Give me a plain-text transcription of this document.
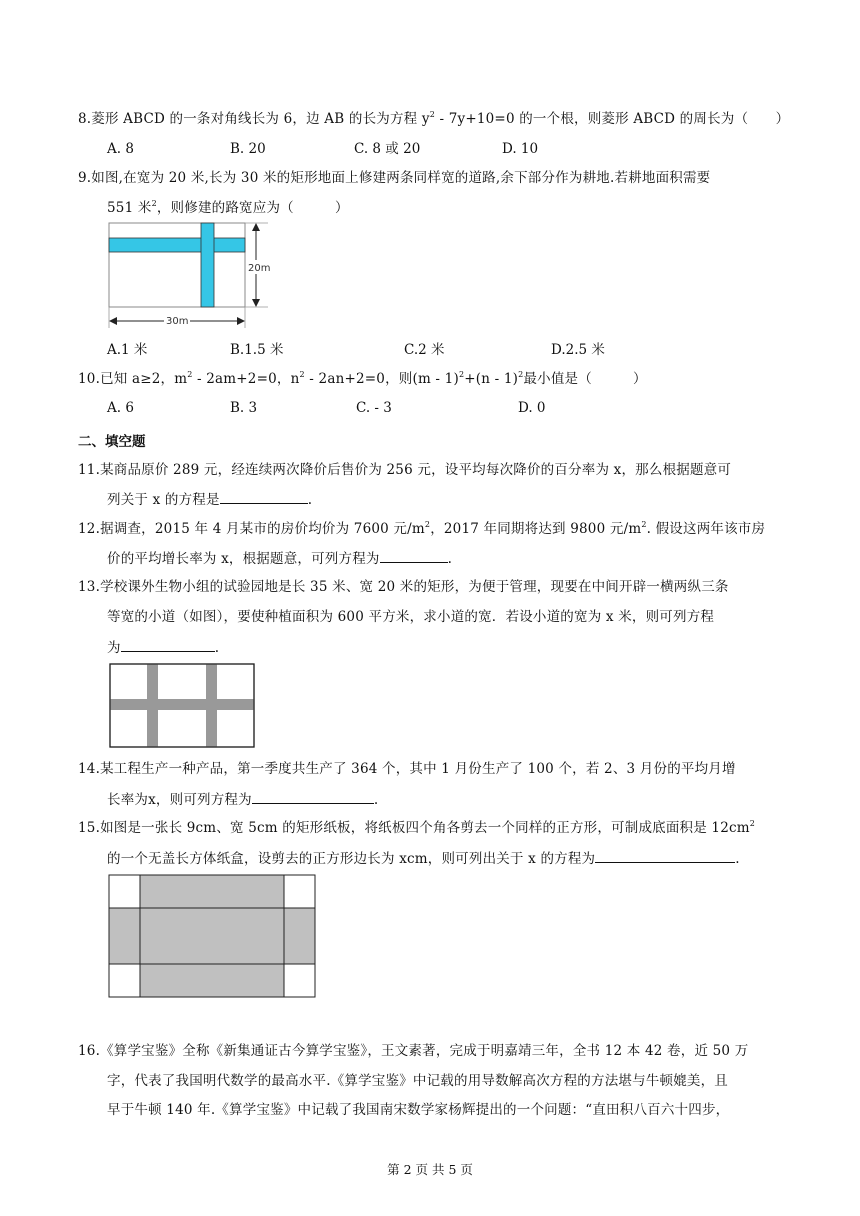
8.菱形 ABCD 的一条对角线长为 6，边 AB 的长为方程 $y^2 - 7y+10=0$ 的一个根，则菱形 ABCD 的周长为（　　）
A. 8	B. 20	C. 8 或 20	D. 10
9.如图,在宽为 20 米,长为 30 米的矩形地面上修建两条同样宽的道路,余下部分作为耕地.若耕地面积需要
551 米$^2$，则修建的路宽应为（　　　）
20m
30m
A.1 米	B.1.5 米	C.2 米	D.2.5 米
10.已知 a≥2，$m^2 - 2am+2=0$，$n^2 - 2an+2=0$，则(m - 1)$^2$+(n - 1)$^2$最小值是（　　　）
A. 6	B. 3	C. - 3	D. 0
二、填空题
11.某商品原价 289 元，经连续两次降价后售价为 256 元，设平均每次降价的百分率为 x，那么根据题意可
列关于 x 的方程是	.
12.据调查，2015 年 4 月某市的房价均价为 7600 元$/m^2$，2017 年同期将达到 9800 元$/m^2$. 假设这两年该市房
价的平均增长率为 x，根据题意，可列方程为	.
13.学校课外生物小组的试验园地是长 35 米、宽 20 米的矩形，为便于管理，现要在中间开辟一横两纵三条
等宽的小道（如图），要使种植面积为 600 平方米，求小道的宽．若设小道的宽为 x 米，则可列方程
为	.
14.某工程生产一种产品，第一季度共生产了 364 个，其中 1 月份生产了 100 个，若 2、3 月份的平均月增
长率为x，则可列方程为	.
15.如图是一张长 9cm、宽 5cm 的矩形纸板，将纸板四个角各剪去一个同样的正方形，可制成底面积是 $12cm^2$
的一个无盖长方体纸盒，设剪去的正方形边长为 xcm，则可列出关于 x 的方程为	.
16.《算学宝鉴》全称《新集通证古今算学宝鉴》，王文素著，完成于明嘉靖三年，全书 12 本 42 卷，近 50 万
字，代表了我国明代数学的最高水平.《算学宝鉴》中记载的用导数解高次方程的方法堪与牛顿媲美，且
早于牛顿 140 年.《算学宝鉴》中记载了我国南宋数学家杨辉提出的一个问题：“直田积八百六十四步，
第 2 页 共 5 页
